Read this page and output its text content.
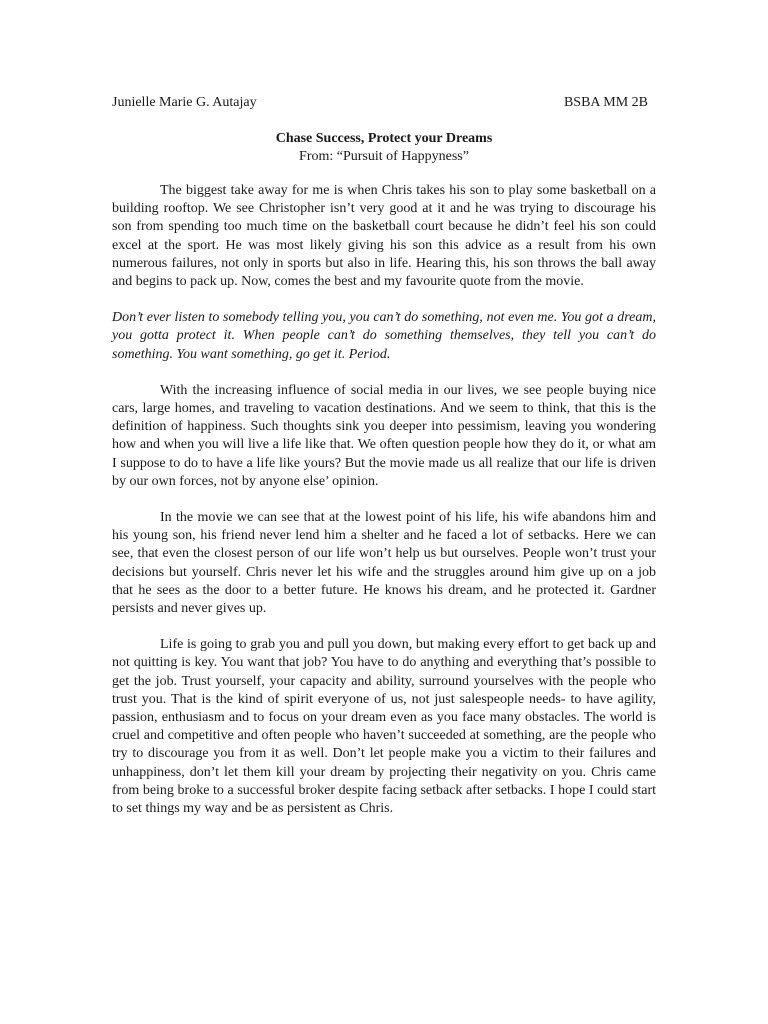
Junielle Marie G. Autajay	BSBA MM 2B
Chase Success, Protect your Dreams
From: “Pursuit of Happyness”

The biggest take away for me is when Chris takes his son to play some basketball on a building rooftop. We see Christopher isn’t very good at it and he was trying to discourage his son from spending too much time on the basketball court because he didn’t feel his son could excel at the sport. He was most likely giving his son this advice as a result from his own numerous failures, not only in sports but also in life. Hearing this, his son throws the ball away and begins to pack up. Now, comes the best and my favourite quote from the movie.

Don’t ever listen to somebody telling you, you can’t do something, not even me. You got a dream, you gotta protect it. When people can’t do something themselves, they tell you can’t do something. You want something, go get it. Period.

With the increasing influence of social media in our lives, we see people buying nice cars, large homes, and traveling to vacation destinations. And we seem to think, that this is the definition of happiness. Such thoughts sink you deeper into pessimism, leaving you wondering how and when you will live a life like that. We often question people how they do it, or what am I suppose to do to have a life like yours? But the movie made us all realize that our life is driven by our own forces, not by anyone else’ opinion.

In the movie we can see that at the lowest point of his life, his wife abandons him and his young son, his friend never lend him a shelter and he faced a lot of setbacks. Here we can see, that even the closest person of our life won’t help us but ourselves. People won’t trust your decisions but yourself. Chris never let his wife and the struggles around him give up on a job that he sees as the door to a better future. He knows his dream, and he protected it. Gardner persists and never gives up.

Life is going to grab you and pull you down, but making every effort to get back up and not quitting is key. You want that job? You have to do anything and everything that’s possible to get the job. Trust yourself, your capacity and ability, surround yourselves with the people who trust you. That is the kind of spirit everyone of us, not just salespeople needs- to have agility, passion, enthusiasm and to focus on your dream even as you face many obstacles. The world is cruel and competitive and often people who haven’t succeeded at something, are the people who try to discourage you from it as well. Don’t let people make you a victim to their failures and unhappiness, don’t let them kill your dream by projecting their negativity on you. Chris came from being broke to a successful broker despite facing setback after setbacks. I hope I could start to set things my way and be as persistent as Chris.
